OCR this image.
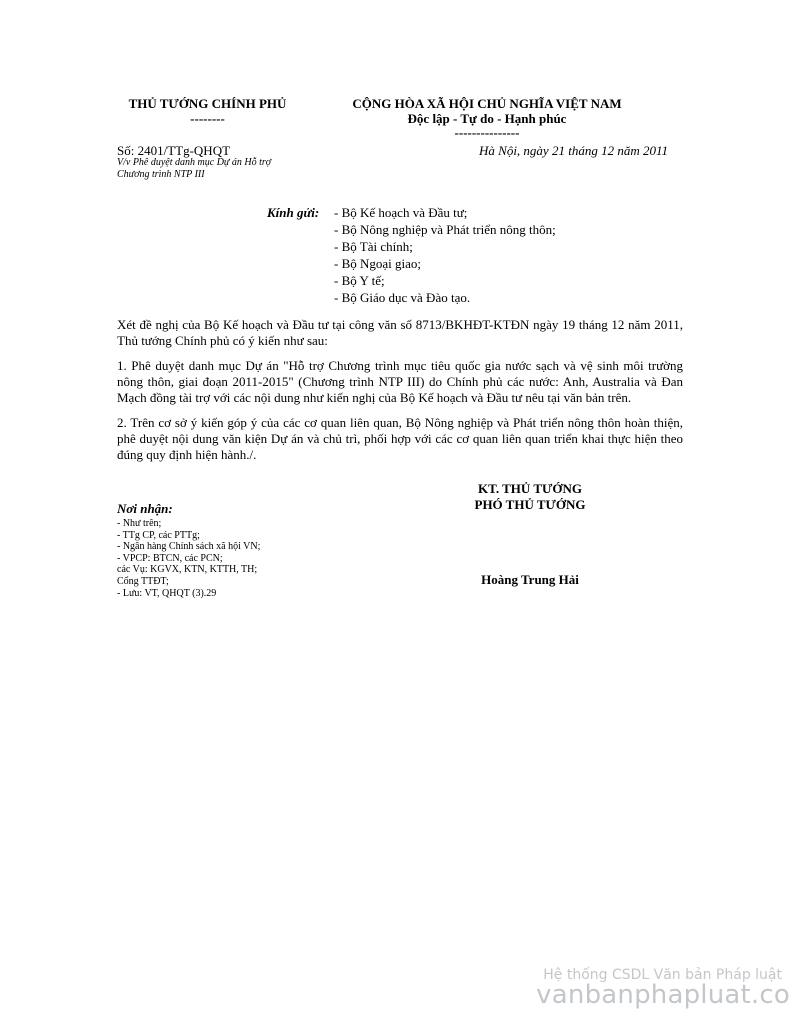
THỦ TƯỚNG CHÍNH PHỦ
--------
CỘNG HÒA XÃ HỘI CHỦ NGHĨA VIỆT NAM
Độc lập - Tự do - Hạnh phúc
---------------
Số: 2401/TTg-QHQT
V/v Phê duyệt danh mục Dự án Hỗ trợ
Chương trình NTP III
Hà Nội, ngày 21 tháng 12 năm 2011
Kính gửi: - Bộ Kế hoạch và Đầu tư;
- Bộ Nông nghiệp và Phát triển nông thôn;
- Bộ Tài chính;
- Bộ Ngoại giao;
- Bộ Y tế;
- Bộ Giáo dục và Đào tạo.

Xét đề nghị của Bộ Kế hoạch và Đầu tư tại công văn số 8713/BKHĐT-KTĐN ngày 19 tháng 12 năm 2011, Thủ tướng Chính phủ có ý kiến như sau:

1. Phê duyệt danh mục Dự án "Hỗ trợ Chương trình mục tiêu quốc gia nước sạch và vệ sinh môi trường nông thôn, giai đoạn 2011-2015" (Chương trình NTP III) do Chính phủ các nước: Anh, Australia và Đan Mạch đồng tài trợ với các nội dung như kiến nghị của Bộ Kế hoạch và Đầu tư nêu tại văn bản trên.

2. Trên cơ sở ý kiến góp ý của các cơ quan liên quan, Bộ Nông nghiệp và Phát triển nông thôn hoàn thiện, phê duyệt nội dung văn kiện Dự án và chủ trì, phối hợp với các cơ quan liên quan triển khai thực hiện theo đúng quy định hiện hành./.

KT. THỦ TƯỚNG
PHÓ THỦ TƯỚNG
Hoàng Trung Hải
Nơi nhận:
- Như trên;
- TTg CP, các PTTg;
- Ngân hàng Chính sách xã hội VN;
- VPCP: BTCN, các PCN;
các Vụ: KGVX, KTN, KTTH, TH;
Cổng TTĐT;
- Lưu: VT, QHQT (3).29
Hệ thống CSDL Văn bản Pháp luật
vanbanphapluat.co
